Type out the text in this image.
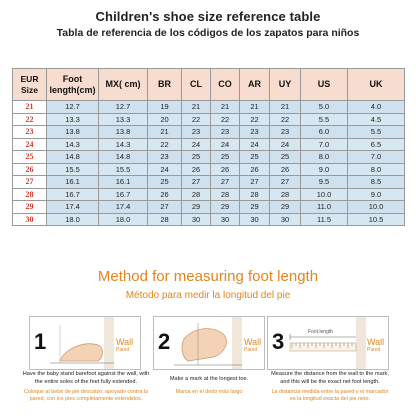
Children's shoe size reference table
Tabla de referencia de los códigos de los zapatos para niños
EUR Size	Foot length(cm)	MX( cm)	BR	CL	CO	AR	UY	US	UK
21	12.7	12.7	19	21	21	21	21	5.0	4.0
22	13.3	13.3	20	22	22	22	22	5.5	4.5
23	13.8	13.8	21	23	23	23	23	6.0	5.5
24	14.3	14.3	22	24	24	24	24	7.0	6.5
25	14.8	14.8	23	25	25	25	25	8.0	7.0
26	15.5	15.5	24	26	26	26	26	9.0	8.0
27	16.1	16.1	25	27	27	27	27	9.5	8.5
28	16.7	16.7	26	28	28	28	28	10.0	9.0
29	17.4	17.4	27	29	29	29	29	11.0	10.0
30	18.0	18.0	28	30	30	30	30	11.5	10.5
Method for measuring foot length
Método para medir la longitud del pie
1	Wall
Pared 2	Wall
Pared 3	Foot length
Wall
Pared
Have the baby stand barefoot against the wall, with the entire soles of the feet fully extended.
Coloque al bebé de pie descalzo, apoyado contra la pared, con los pies completamente extendidos.
Make a mark at the longest toe.
Marca en el dedo más largo
Measure the distance from the wall to the mark, and this will be the exact net foot length.
La distancia medida entre la pared y el marcador es la longitud exacta del pie neto.
